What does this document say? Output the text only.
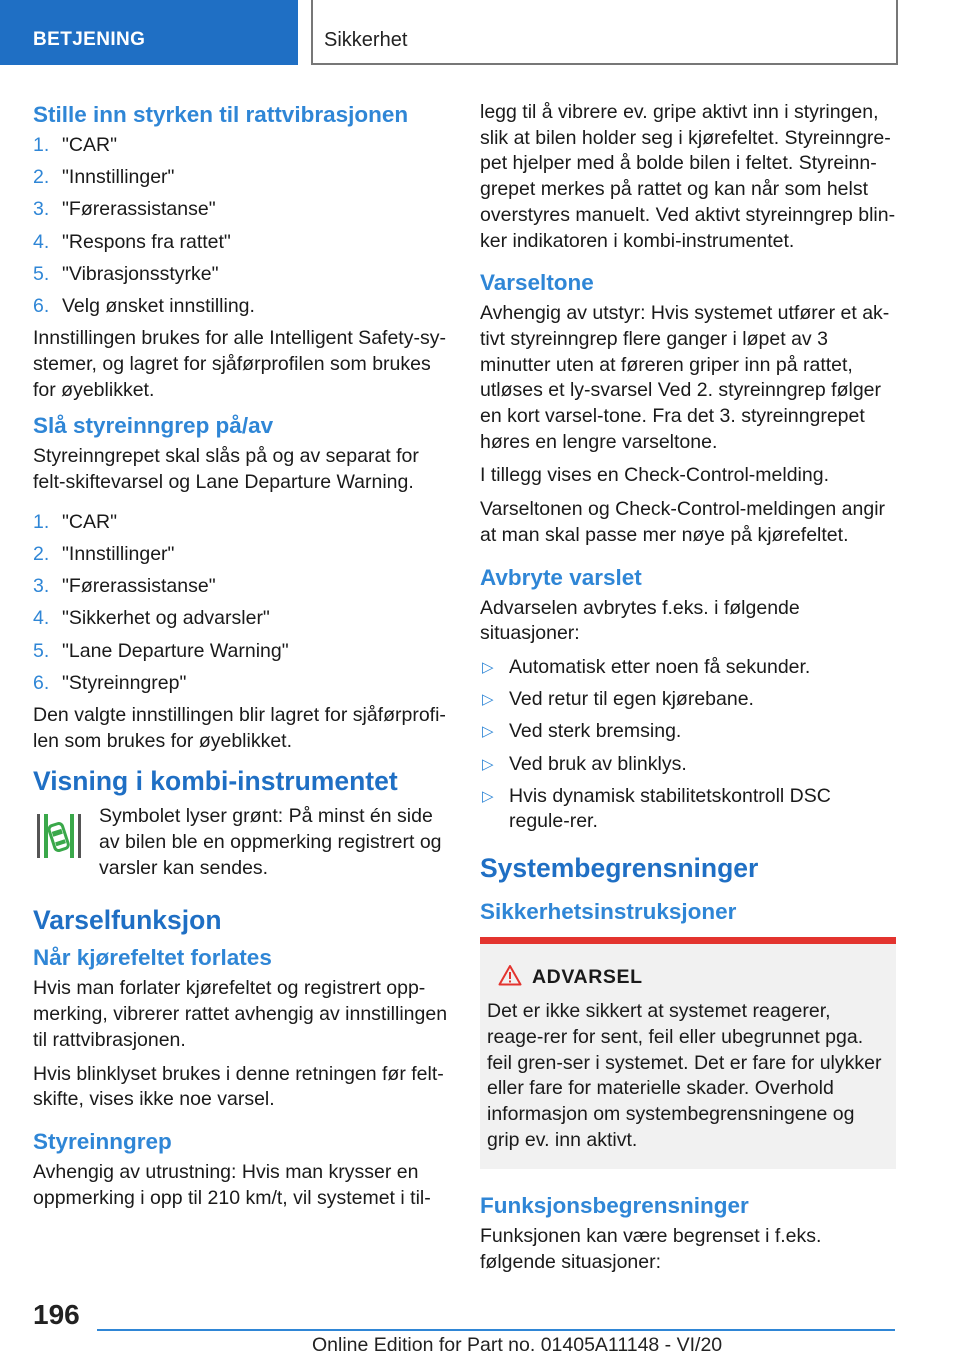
BETJENING	Sikkerhet
Stille inn styrken til rattvibrasjonen
1. "CAR"
2. "Innstillinger"
3. "Førerassistanse"
4. "Respons fra rattet"
5. "Vibrasjonsstyrke"
6. Velg ønsket innstilling.

Innstillingen brukes for alle Intelligent Safety-sy-stemer, og lagret for sjåførprofilen som brukes for øyeblikket.

Slå styreinngrep på/av

Styreinngrepet skal slås på og av separat for felt-skiftevarsel og Lane Departure Warning.

1. "CAR"
2. "Innstillinger"
3. "Førerassistanse"
4. "Sikkerhet og advarsler"
5. "Lane Departure Warning"
6. "Styreinngrep"

Den valgte innstillingen blir lagret for sjåførprofi-len som brukes for øyeblikket.

Visning i kombi-instrumentet

Symbolet lyser grønt: På minst én side av bilen ble en oppmerking registrert og varsler kan sendes.

Varselfunksjon
Når kjørefeltet forlates

Hvis man forlater kjørefeltet og registrert opp-merking, vibrerer rattet avhengig av innstillingen til rattvibrasjonen.

Hvis blinklyset brukes i denne retningen før felt-skifte, vises ikke noe varsel.

Styreinngrep

Avhengig av utrustning: Hvis man krysser en oppmerking i opp til 210 km/t, vil systemet i til-

legg til å vibrere ev. gripe aktivt inn i styringen, slik at bilen holder seg i kjørefeltet. Styreinngre-pet hjelper med å bolde bilen i feltet. Styreinn-grepet merkes på rattet og kan når som helst overstyres manuelt. Ved aktivt styreinngrep blin-ker indikatoren i kombi-instrumentet.

Varseltone

Avhengig av utstyr: Hvis systemet utfører et ak-tivt styreinngrep flere ganger i løpet av 3 minutter uten at føreren griper inn på rattet, utløses et ly-svarsel Ved 2. styreinngrep følger en kort varsel-tone. Fra det 3. styreinngrepet høres en lengre varseltone.

I tillegg vises en Check-Control-melding.

Varseltonen og Check-Control-meldingen angir at man skal passe mer nøye på kjørefeltet.

Avbryte varslet

Advarselen avbrytes f.eks. i følgende situasjoner:

▷ Automatisk etter noen få sekunder.
▷ Ved retur til egen kjørebane.
▷ Ved sterk bremsing.
▷ Ved bruk av blinklys.
▷ Hvis dynamisk stabilitetskontroll DSC regule-rer.
Systembegrensninger
Sikkerhetsinstruksjoner
ADVARSEL

Det er ikke sikkert at systemet reagerer, reage-rer for sent, feil eller ubegrunnet pga. feil gren-ser i systemet. Det er fare for ulykker eller fare for materielle skader. Overhold informasjon om systembegrensningene og grip ev. inn aktivt.

Funksjonsbegrensninger

Funksjonen kan være begrenset i f.eks. følgende situasjoner:

196
Online Edition for Part no. 01405A11148 - VI/20
